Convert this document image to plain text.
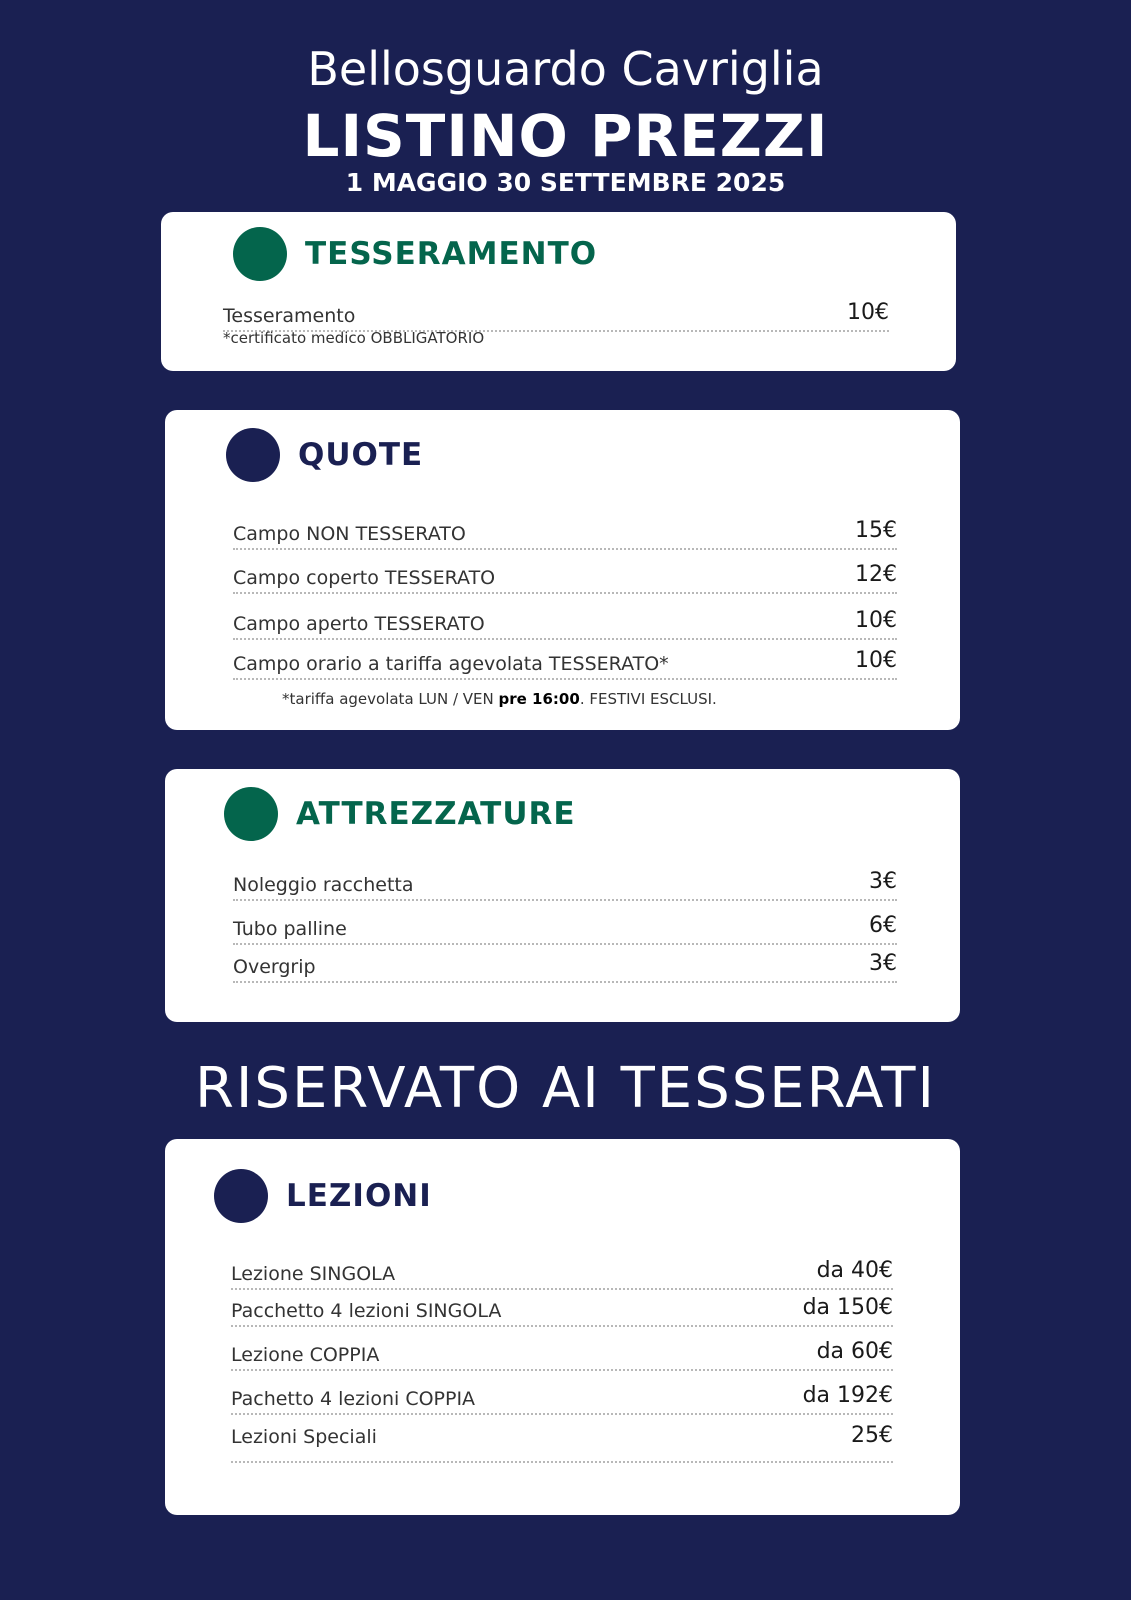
Bellosguardo Cavriglia
LISTINO PREZZI
1 MAGGIO 30 SETTEMBRE 2025
TESSERAMENTO
Tesseramento	10€
*certificato medico OBBLIGATORIO
QUOTE
Campo NON TESSERATO	15€
Campo coperto TESSERATO	12€
Campo aperto TESSERATO	10€
Campo orario a tariffa agevolata TESSERATO*	10€
*tariffa agevolata LUN / VEN pre 16:00. FESTIVI ESCLUSI.
ATTREZZATURE
Noleggio racchetta	3€
Tubo palline	6€
Overgrip	3€
RISERVATO AI TESSERATI
LEZIONI
Lezione SINGOLA	da 40€
Pacchetto 4 lezioni SINGOLA	da 150€
Lezione COPPIA	da 60€
Pachetto 4 lezioni COPPIA	da 192€
Lezioni Speciali	25€
